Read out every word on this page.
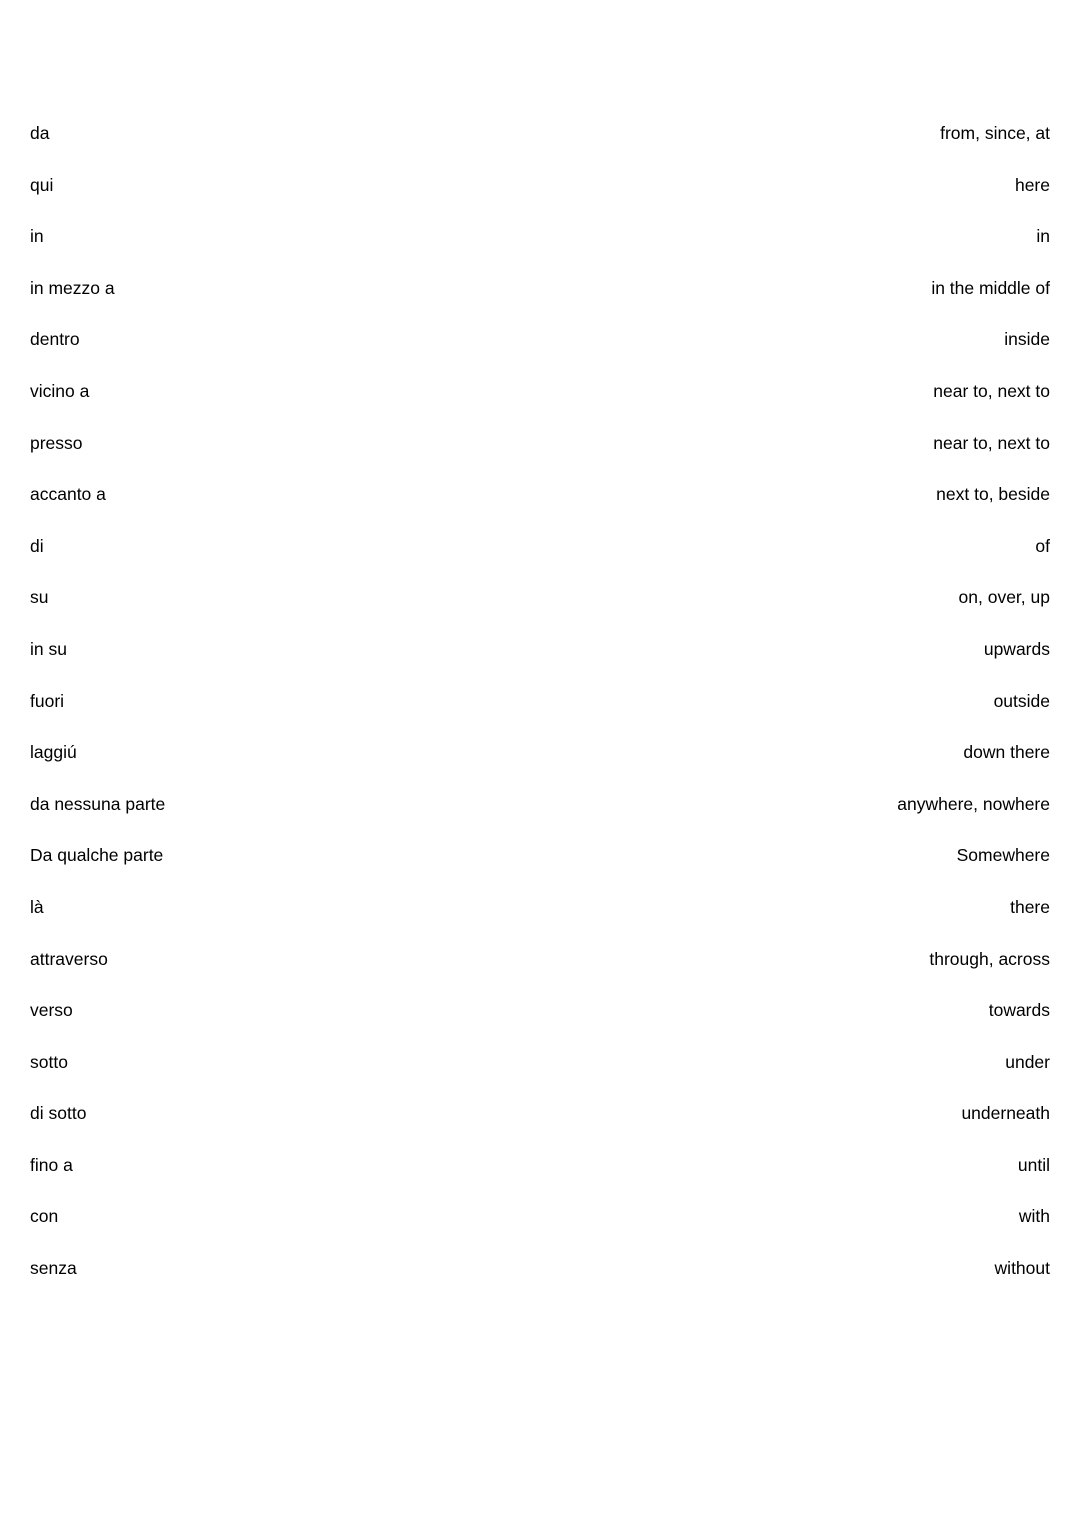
da	from, since, at
qui	here
in	in
in mezzo a	in the middle of
dentro	inside
vicino a	near to, next to
presso	near to, next to
accanto a	next to, beside
di	of
su	on, over, up
in su	upwards
fuori	outside
laggiú	down there
da nessuna parte	anywhere, nowhere
Da qualche parte	Somewhere
là	there
attraverso	through, across
verso	towards
sotto	under
di sotto	underneath
fino a	until
con	with
senza	without
